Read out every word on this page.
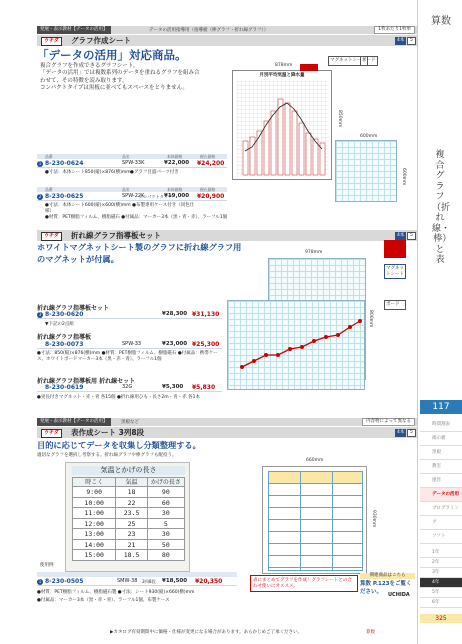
発展・表示教材【データの活用】	データの活用指導用（指導板（棒グラフ・折れ線グラフ））	1枚あたり1枚単
ウチダ	グラフ作成シート	4本	5
「データの活用」対応商品。
複合グラフを作成できるグラフシート。
「データの活用」では複数系列のデータを重ねるグラフを組み合わせて、その特徴を読み取ります。
コンパクトタイプは黒板に並べてもスペースをとりません。
878mm
月別平均気温と降水量
850mm
マグネットシート
ボード
600mm
600mm
品番	品名	本体価格	税込価格
1 8-230-0624	SPW-33K	¥22,000 ¥24,200
●寸法：本体シート850(縦)×876(横)mm ●グラフ目盛パーツ付き
品番	品名	本体価格	税込価格
2 8-230-0625	SPW-22K
コンパクトタイプ
¥19,000 ¥20,900
●寸法：本体シート600(縦)×600(横)mm ●布製専用ケース付き（同色仕様）
●材質：PET樹脂フィルム、樹脂磁石 ●付属品：マーカー3本（黒・青・赤）、ラーフル1個
ウチダ	折れ線グラフ指導板セット	4本	5
ホワイトマグネットシート製のグラフに折れ線グラフ用のマグネットが付属。
978mm
800mm
マグネットシート
ボード
折れ線グラフ指導板セット
3 8-230-0620	¥28,300 ¥31,130
▼下記の2点組
折れ線グラフ指導板
8-230-0073	SPW-33	¥23,000 ¥25,300
●寸法：850(縦)×876(横)mm ●材質：PET樹脂フィルム、樹脂磁石 ●付属品：携帯ケース、ホワイトボードマーカー3本（黒・赤・青）、ラーフル1個
折れ線グラフ指導板用 折れ線セット
8-230-0619	32G	¥5,300 ¥5,830
●実長付きマグネット・赤・青 各15個 ●折れ線用ひも・長さ2m・青・赤 各1本
発展・表示教材【データの活用】	黒板など	内容物によって異なる
ウチダ	表作成シート 3列8段	4本	5
目的に応じてデータを収集し分類整理する。
適切なグラフを選択し考察する。折れ線グラフや棒グラフも配役う。
気温とかげの長さ
時こく	気温	かげの長さ
9:00	18	90
10:00	22	60
11:00	23.5	30
12:00	25	5
13:00	23	30
14:00	21	50
15:00	18.5	80
使用例
660mm
930mm
表にまとめてグラフを作成！グラフシートとの合わせ使いにオススメ。
関連商品はこちら
算数 P.123をご覧ください。
1 8-230-0505	SMW-38 3列8段 ¥18,500 ¥20,350
●材質：PET樹脂フィルム、樹脂磁石製 ●寸法：シート930(縦)×660(横)mm
●付属品：マーカー3本（黒・赤・青）、ラーフル1個、布製ケース
UCHIDA
▶カタログ有効期間中に価格・仕様が変更になる場合があります。あらかじめご了承ください。	算数
算数
複合グラフ（折れ線・棒）と表
117
時間割表
掲示板
黒板
教室
運営
データの活用
プログラミング
ソフト
1年
2年
3年
4年
5年
6年
325
